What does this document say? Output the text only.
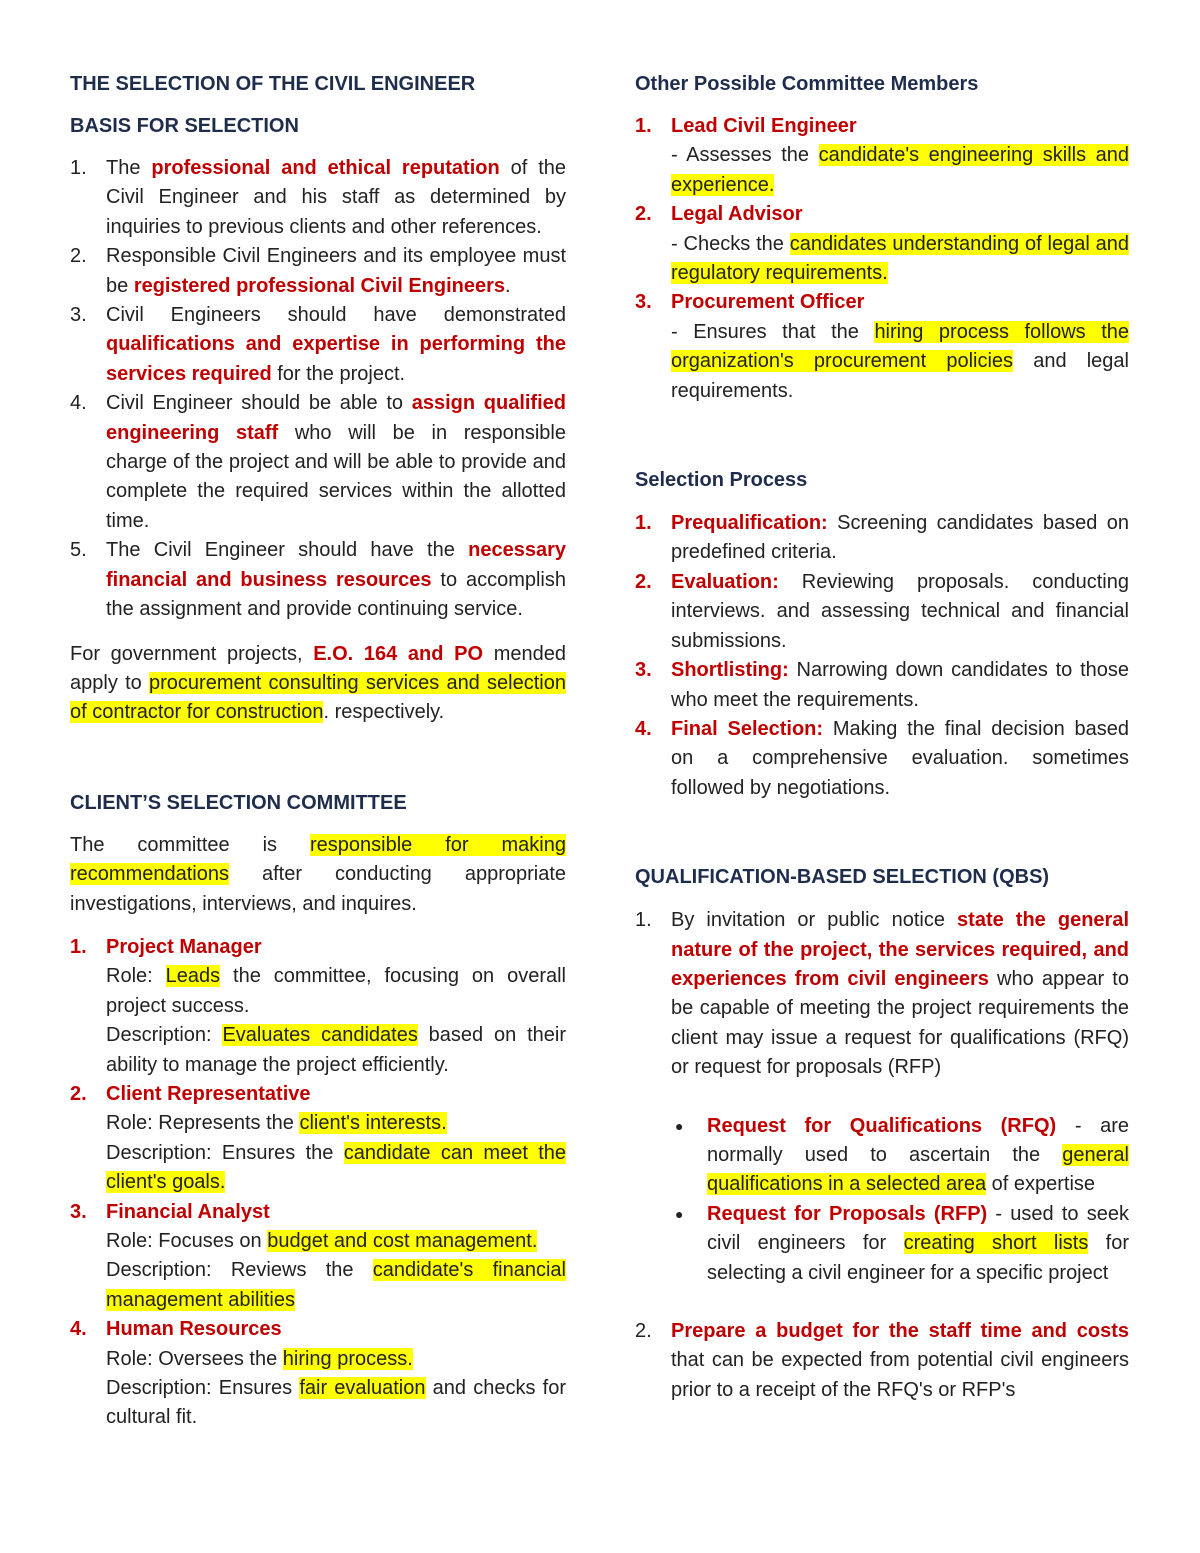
THE SELECTION OF THE CIVIL ENGINEER
BASIS FOR SELECTION
1. The professional and ethical reputation of the Civil Engineer and his staff as determined by inquiries to previous clients and other references.
2. Responsible Civil Engineers and its employee must be registered professional Civil Engineers.
3. Civil Engineers should have demonstrated qualifications and expertise in performing the services required for the project.
4. Civil Engineer should be able to assign qualified engineering staff who will be in responsible charge of the project and will be able to provide and complete the required services within the allotted time.
5. The Civil Engineer should have the necessary financial and business resources to accomplish the assignment and provide continuing service.

For government projects, E.O. 164 and PO mended apply to procurement consulting services and selection of contractor for construction. respectively.

CLIENT’S SELECTION COMMITTEE

The committee is responsible for making recommendations after conducting appropriate investigations, interviews, and inquires.

1. Project Manager
Role: Leads the committee, focusing on overall project success.
Description: Evaluates candidates based on their ability to manage the project efficiently.
2. Client Representative
Role: Represents the client's interests.
Description: Ensures the candidate can meet the client's goals.
3. Financial Analyst
Role: Focuses on budget and cost management.
Description: Reviews the candidate's financial management abilities
4. Human Resources
Role: Oversees the hiring process.
Description: Ensures fair evaluation and checks for cultural fit.
Other Possible Committee Members
1. Lead Civil Engineer
- Assesses the candidate's engineering skills and experience.
2. Legal Advisor
- Checks the candidates understanding of legal and regulatory requirements.
3. Procurement Officer
- Ensures that the hiring process follows the organization's procurement policies and legal requirements.
Selection Process
1. Prequalification: Screening candidates based on predefined criteria.
2. Evaluation: Reviewing proposals. conducting interviews. and assessing technical and financial submissions.
3. Shortlisting: Narrowing down candidates to those who meet the requirements.
4. Final Selection: Making the final decision based on a comprehensive evaluation. sometimes followed by negotiations.
QUALIFICATION-BASED SELECTION (QBS)
1. By invitation or public notice state the general nature of the project, the services required, and experiences from civil engineers who appear to be capable of meeting the project requirements the client may issue a request for qualifications (RFQ) or request for proposals (RFP)
●	Request for Qualifications (RFQ) - are normally used to ascertain the general qualifications in a selected area of expertise
●	Request for Proposals (RFP) - used to seek civil engineers for creating short lists for selecting a civil engineer for a specific project
2. Prepare a budget for the staff time and costs that can be expected from potential civil engineers prior to a receipt of the RFQ's or RFP's
